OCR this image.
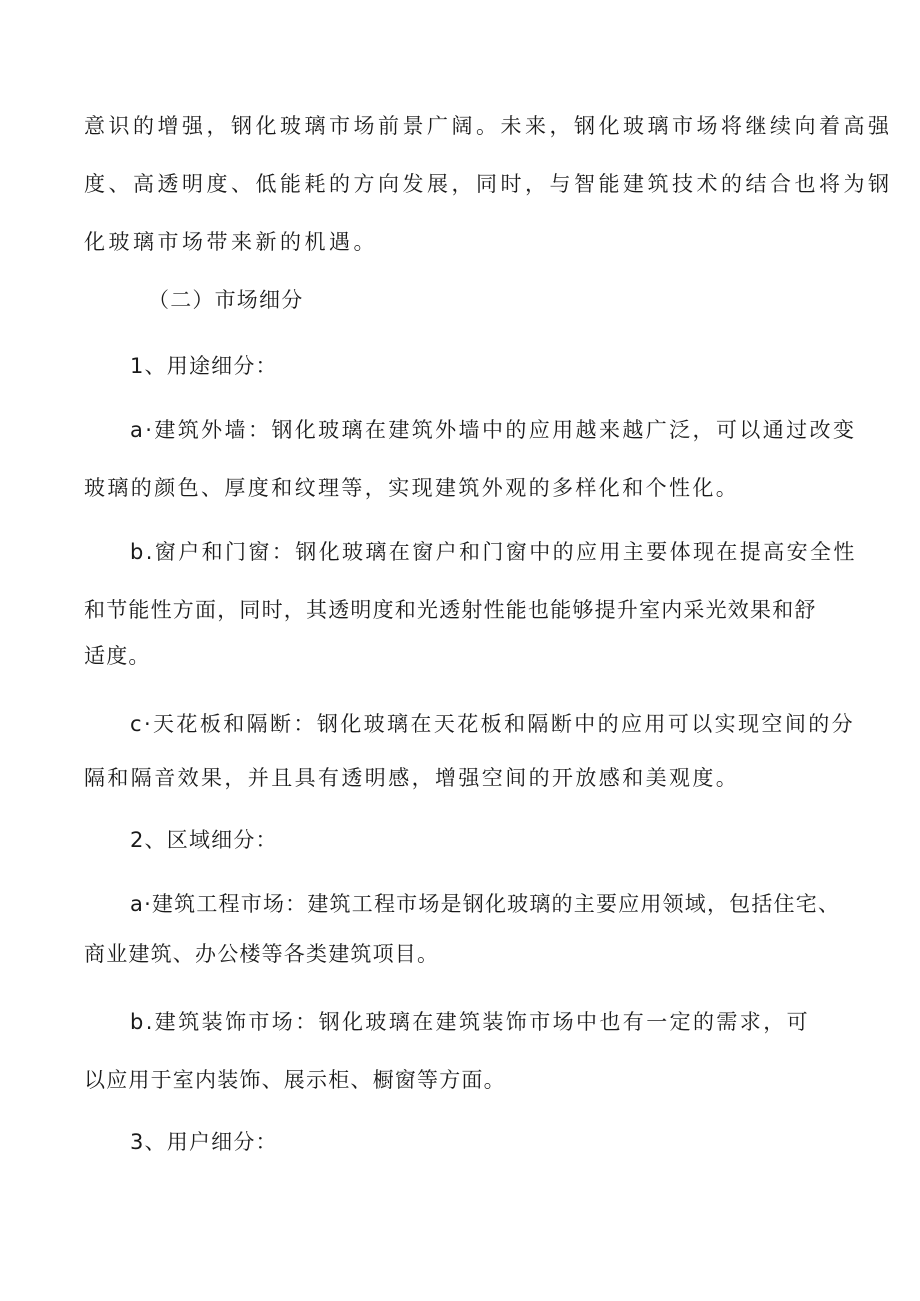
意识的增强，钢化玻璃市场前景广阔。未来，钢化玻璃市场将继续向着高强

度、高透明度、低能耗的方向发展，同时，与智能建筑技术的结合也将为钢

化玻璃市场带来新的机遇。

（二）市场细分

1、用途细分：

a·建筑外墙：钢化玻璃在建筑外墙中的应用越来越广泛，可以通过改变

玻璃的颜色、厚度和纹理等，实现建筑外观的多样化和个性化。

b.窗户和门窗：钢化玻璃在窗户和门窗中的应用主要体现在提高安全性

和节能性方面，同时，其透明度和光透射性能也能够提升室内采光效果和舒

适度。

c·天花板和隔断：钢化玻璃在天花板和隔断中的应用可以实现空间的分

隔和隔音效果，并且具有透明感，增强空间的开放感和美观度。

2、区域细分：

a·建筑工程市场：建筑工程市场是钢化玻璃的主要应用领域，包括住宅、

商业建筑、办公楼等各类建筑项目。

b.建筑装饰市场：钢化玻璃在建筑装饰市场中也有一定的需求，可

以应用于室内装饰、展示柜、橱窗等方面。

3、用户细分：
